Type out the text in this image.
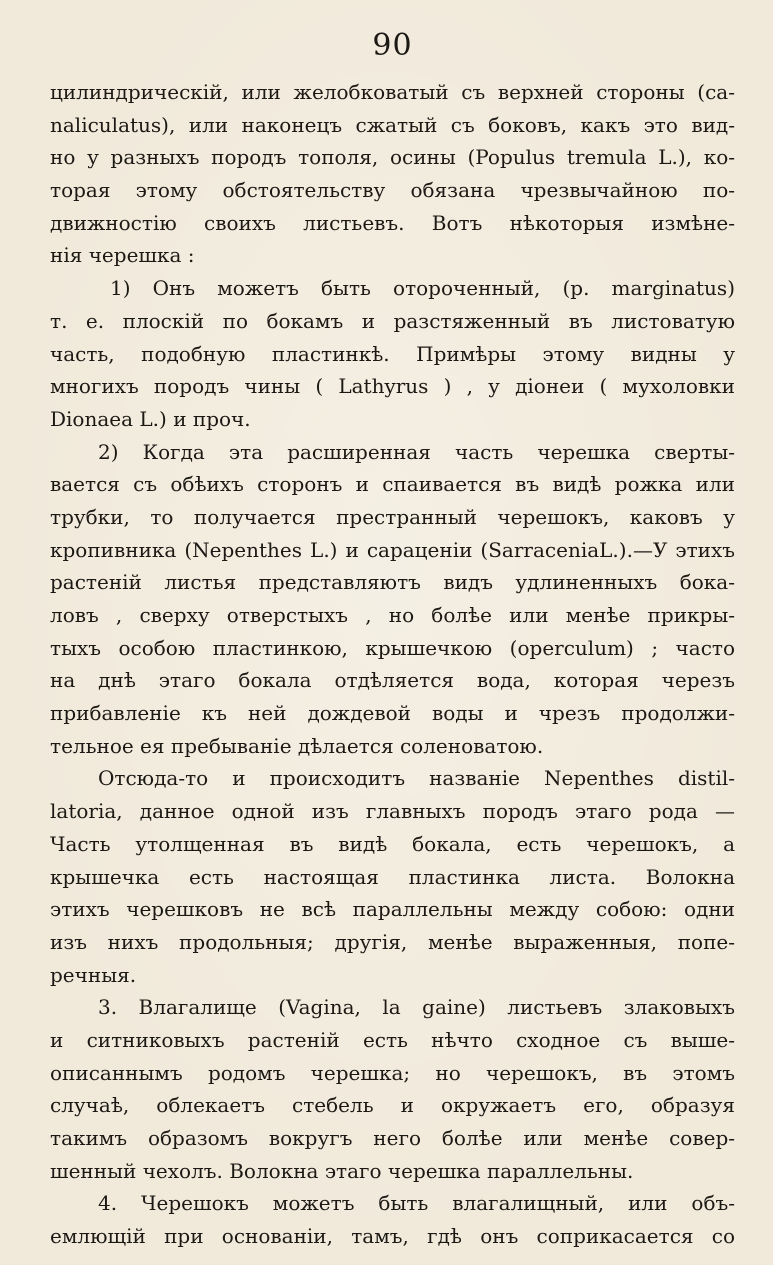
90
цилиндрическій, или желобковатый съ верхней стороны (ca-
naliculatus), или наконецъ сжатый съ боковъ, какъ это вид-
но у разныхъ породъ тополя, осины (Populus tremula L.), ко-
торая этому обстоятельству обязана чрезвычайною по-
движностію своихъ листьевъ. Вотъ нѣкоторыя измѣне-
нія черешка :
1) Онъ можетъ быть отороченный, (p. marginatus)
т. е. плоскій по бокамъ и разстяженный въ листоватую
часть, подобную пластинкѣ. Примѣры этому видны у
многихъ породъ чины ( Lathyrus ) , у діонеи ( мухоловки
Dionaea L.) и проч.
2) Когда эта расширенная часть черешка сверты-
вается съ обѣихъ сторонъ и спаивается въ видѣ рожка или
трубки, то получается престранный черешокъ, каковъ у
кропивника (Nepenthes L.) и сараценіи (SarraceniaL.).—У этихъ
растеній листья представляютъ видъ удлиненныхъ бока-
ловъ , сверху отверстыхъ , но болѣе или менѣе прикры-
тыхъ особою пластинкою, крышечкою (operculum) ; часто
на днѣ этаго бокала отдѣляется вода, которая черезъ
прибавленіе къ ней дождевой воды и чрезъ продолжи-
тельное ея пребываніе дѣлается соленоватою.
Отсюда-то и происходитъ названіе Nepenthes distil-
latoria, данное одной изъ главныхъ породъ этаго рода —
Часть утолщенная въ видѣ бокала, есть черешокъ, а
крышечка есть настоящая пластинка листа. Волокна
этихъ черешковъ не всѣ параллельны между собою: одни
изъ нихъ продольныя; другія, менѣе выраженныя, попе-
речныя.
3. Влагалище (Vagina, la gaine) листьевъ злаковыхъ
и ситниковыхъ растеній есть нѣчто сходное съ выше-
описаннымъ родомъ черешка; но черешокъ, въ этомъ
случаѣ, облекаетъ стебель и окружаетъ его, образуя
такимъ образомъ вокругъ него болѣе или менѣе совер-
шенный чехолъ. Волокна этаго черешка параллельны.
4. Черешокъ можетъ быть влагалищный, или объ-
емлющій при основаніи, тамъ, гдѣ онъ соприкасается со
